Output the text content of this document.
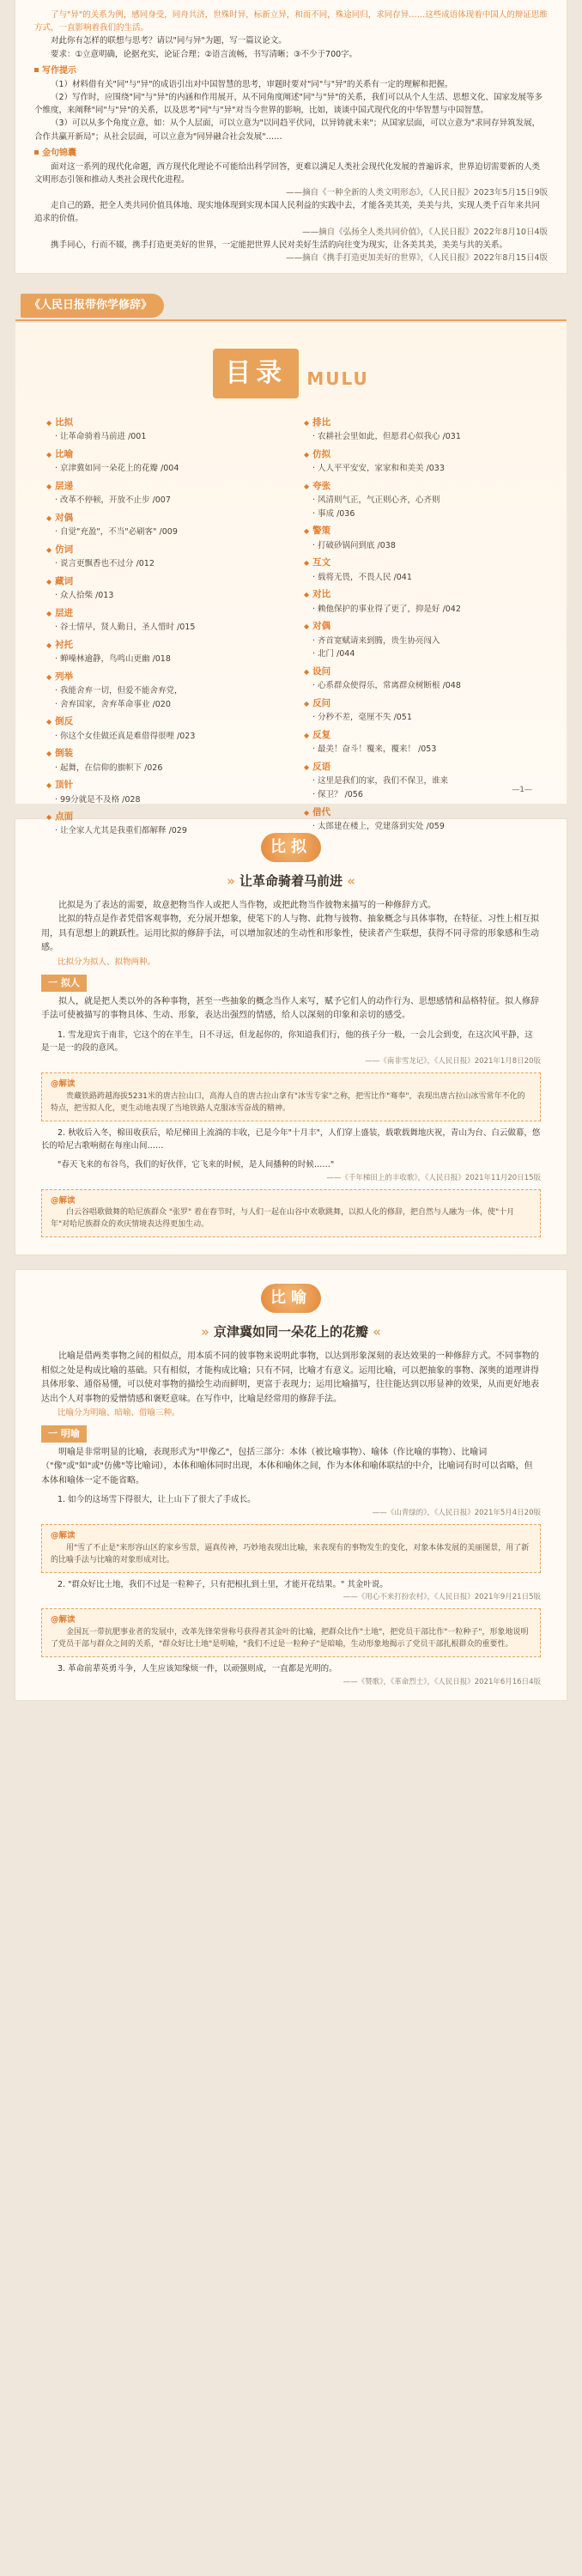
了与"异"的关系为例，感同身受，同舟共济，世殊时异，标新立异，和而不同，殊途同归，求同存异……这些成语体现着中国人的辩证思维方式，一直影响着我们的生活。

对此你有怎样的联想与思考？请以"同与异"为题，写一篇议论文。

要求：①立意明确，论据充实，论证合理；②语言流畅，书写清晰；③不少于700字。

写作提示

（1）材料借有关"同"与"异"的成语引出对中国智慧的思考，审题时要对"同"与"异"的关系有一定的理解和把握。

（2）写作时，应围绕"同"与"异"的内涵和作用展开，从不同角度阐述"同"与"异"的关系，我们可以从个人生活、思想文化、国家发展等多个维度，来阐释"同"与"异"的关系，以及思考"同"与"异"对当今世界的影响，比如，谈谈中国式现代化的中华智慧与中国智慧。

（3）可以从多个角度立意，如：从个人层面，可以立意为"以同趋平伏同，以异铸就未来"；从国家层面，可以立意为"求同存异筑发展，合作共赢开新局"；从社会层面，可以立意为"同异融合社会发展"……

金句锦囊

面对这一系列的现代化命题，西方现代化理论不可能给出科学回答，更难以满足人类社会现代化发展的普遍诉求，世界迫切需要新的人类文明形态引领和推动人类社会现代化进程。

——摘自《一种全新的人类文明形态》，《人民日报》2023年5月15日9版

走自己的路，把全人类共同价值具体地、现实地体现到实现本国人民利益的实践中去，才能各美其美，美美与共，实现人类千百年来共同追求的价值。

——摘自《弘扬全人类共同价值》，《人民日报》2022年8月10日4版

携手同心，行而不辍，携手打造更美好的世界，一定能把世界人民对美好生活的向往变为现实，让各美其美，美美与共的关系。

——摘自《携手打造更加美好的世界》，《人民日报》2022年8月15日4版

《人民日报带你学修辞》
目录 MULU
◆ 比拟
· 让革命骑着马前进 /001
◆ 比喻
· 京津冀如同一朵花上的花瓣 /004
◆ 层递
· 改革不停顿，开放不止步 /007
◆ 对偶
· 自觉"充盈"，不当"必刷客" /009
◆ 仿词
· 说言更飘香也不过分 /012
◆ 藏词
· 众人拾柴 /013
◆ 层进
· 谷士情早，贤人勤日，圣人惜时 /015
◆ 衬托
· 蝉噪林逾静，鸟鸣山更幽 /018
◆ 列举
· 我能舍弃一切，但爱不能舍弃党，
· 舍弃国家，舍弃革命事业 /020
◆ 倒反
· 你这个女佳做还真是难借得很哩 /023
◆ 倒装
· 起舞，在信仰的旗帜下 /026
◆ 顶针
· 99分就是不及格 /028
◆ 点面
· 让全家人尤其是我重们都解释 /029
◆ 排比
· 农耕社会里如此，但愿君心似我心 /031
◆ 仿拟
· 人人平平安安，家家和和美美 /033
◆ 夸张
· 风清则气正，气正则心齐，心齐则
· 事成 /036
◆ 警策
· 打破砂锅问到底 /038
◆ 互文
· 载将无畏，不畏人民 /041
◆ 对比
· 赖他保护的事业得了更了，抑是好 /042
◆ 对偶
· 齐首宽赋请来到腾，贵生协亮闯入
· 北门 /044
◆ 设问
· 心系群众使得乐，常离群众树断根 /048
◆ 反问
· 分秒不差，毫厘不失 /051
◆ 反复
· 最美！奋斗！覆来，覆来！ /053
◆ 反语
· 这里是我们的家，我们不保卫，谁来
· 保卫？ /056
◆ 借代
· 太郎建在楼上，党建落到实处 /059
—1—
比拟
» 让革命骑着马前进 «

比拟是为了表达的需要，故意把物当作人或把人当作物，或把此物当作彼物来描写的一种修辞方式。

比拟的特点是作者凭借客观事物，充分展开想象，使笔下的人与物、此物与彼物、抽象概念与具体事物，在特征、习性上相互拟用，具有思想上的跳跃性。运用比拟的修辞手法，可以增加叙述的生动性和形象性，使读者产生联想，获得不同寻常的形象感和生动感。

比拟分为拟人、拟物两种。

一 拟人

拟人，就是把人类以外的各种事物，甚至一些抽象的概念当作人来写，赋予它们人的动作行为、思想感情和品格特征。拟人修辞手法可使被描写的事物具体、生动、形象，表达出强烈的情感，给人以深刻的印象和亲切的感受。

1. 雪龙迎宾于南非，它这个的在半生，日不寻远，但龙起你的，你知道我们行，他的孩子分一般，一会儿会到变，在这次风平静，这是一是一的段的意风。

——《南非雪龙记》，《人民日报》2021年1月8日20版

@解读
贵藏铁路跨越海拔5231米的唐古拉山口，高海人自的唐古拉山拿有"冰雪专家"之称，把雪比作"骞奉"，表现出唐古拉山冰雪常年不化的特点，把雪拟人化，更生动地表现了当地铁路人克服冰雪奋战的精神。

2. 秋收后入冬，棉田收获后，哈尼梯田上流淌的丰收，已是今年"十月丰"，人们穿上盛装，载歌载舞地庆祝，青山为台、白云做幕，悠长的哈尼古歌响彻在每座山间……

"春天飞来的布谷鸟，我们的好伙伴，它飞来的时候，是人间播种的时候……"

——《千年梯田上的丰收歌》，《人民日报》2021年11月20日15版

@解读
白云谷唱歌做舞的哈尼族群众 "张罗" 着在春节时，与人们一起在山谷中欢歌跳舞，以拟人化的修辞，把自然与人融为一体，使"十月年"对哈尼族群众的欢庆情境表达得更加生动。
比喻
» 京津冀如同一朵花上的花瓣 «

比喻是借两类事物之间的相似点，用本质不同的彼事物来说明此事物，以达到形象深刻的表达效果的一种修辞方式。不同事物的相似之处是构成比喻的基础。只有相似，才能构成比喻；只有不同，比喻才有意义。运用比喻，可以把抽象的事物、深奥的道理讲得具体形象、通俗易懂，可以使对事物的描绘生动而鲜明，更富于表现力；运用比喻描写，往往能达到以形显神的效果，从而更好地表达出个人对事物的爱憎情感和褒贬意味。在写作中，比喻是经常用的修辞手法。

比喻分为明喻、暗喻、借喻三种。

一 明喻

明喻是非常明显的比喻，表现形式为"甲像乙"，包括三部分：本体（被比喻事物）、喻体（作比喻的事物）、比喻词（"像"或"如"或"仿佛"等比喻词），本体和喻体同时出现，本体和喻体之间，作为本体和喻体联结的中介，比喻词有时可以省略，但本体和喻体一定不能省略。

1. 如今的这场雪下得很大，让上山下了很大了手成长。

——《山青绿的》，《人民日报》2021年5月4日20版

@解读
用"雪了不止是"来形容山区的家乡雪景，逼真传神，巧妙地表现出比喻，来表现有的事物发生的变化，对象本体发展的美丽图景，用了新的比喻手法与比喻的对象形成对比。

2. "群众好比土地，我们不过是一粒种子，只有把根扎到土里，才能开花结果。" 其金叶说。

——《用心不来打扮农村》，《人民日报》2021年9月21日5版

@解读
金国瓦一带抗肥事业者的发展中，改革先锋荣誉称号获得者其金叶的比喻，把群众比作"土地"，把党员干部比作"一粒种子"，形象地说明了党员干部与群众之间的关系，"群众好比土地"是明喻，"我们不过是一粒种子"是暗喻，生动形象地揭示了党员干部扎根群众的重要性。

3. 革命前辈英勇斗争，人生应该知缘烦一件，以顽强则成，一直都是光明的。

——《赞歌》，《革命烈士》，《人民日报》2021年6月16日4版
